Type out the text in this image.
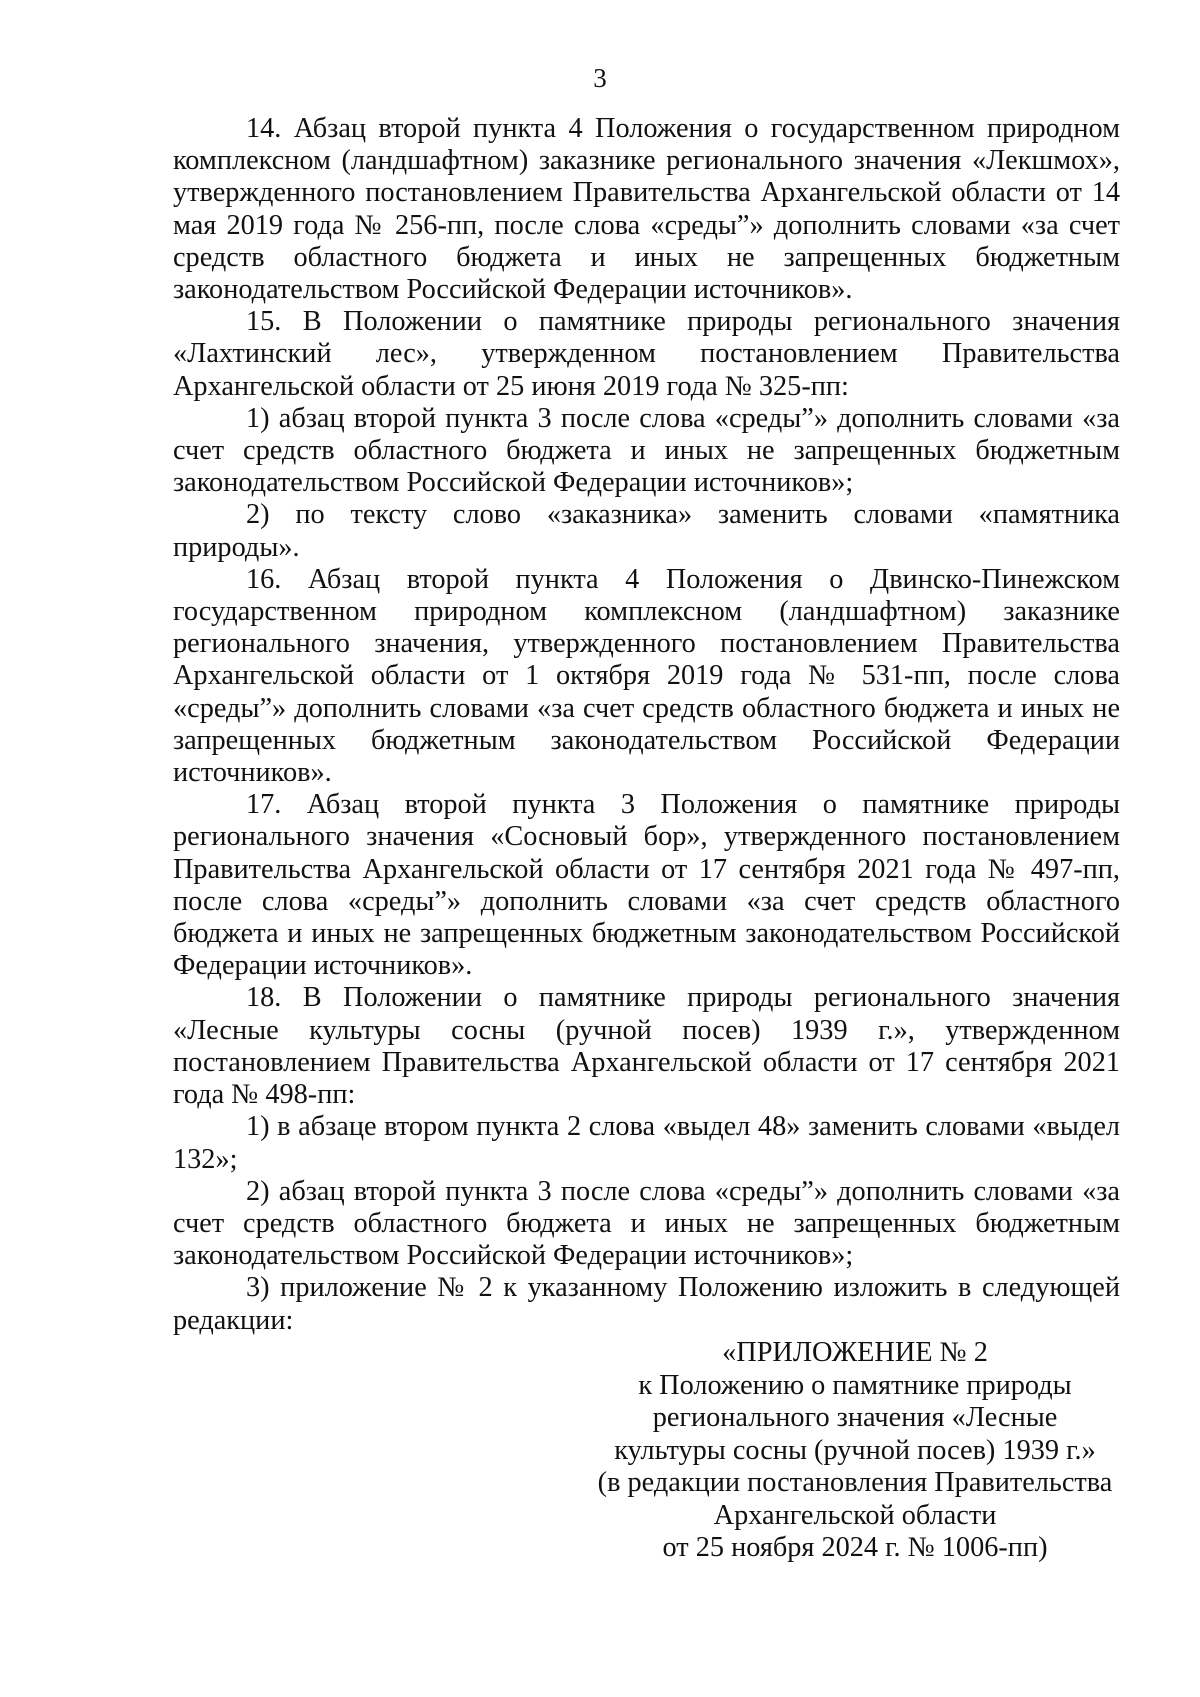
3

14. Абзац второй пункта 4 Положения о государственном природном комплексном (ландшафтном) заказнике регионального значения «Лекшмох», утвержденного постановлением Правительства Архангельской области от 14 мая 2019 года № 256-пп, после слова «среды”» дополнить словами «за счет средств областного бюджета и иных не запрещенных бюджетным законодательством Российской Федерации источников».

15. В Положении о памятнике природы регионального значения «Лахтинский лес», утвержденном постановлением Правительства Архангельской области от 25 июня 2019 года № 325-пп:

1) абзац второй пункта 3 после слова «среды”» дополнить словами «за счет средств областного бюджета и иных не запрещенных бюджетным законодательством Российской Федерации источников»;

2) по тексту слово «заказника» заменить словами «памятника природы».

16. Абзац второй пункта 4 Положения о Двинско-Пинежском государственном природном комплексном (ландшафтном) заказнике регионального значения, утвержденного постановлением Правительства Архангельской области от 1 октября 2019 года № 531-пп, после слова «среды”» дополнить словами «за счет средств областного бюджета и иных не запрещенных бюджетным законодательством Российской Федерации источников».

17. Абзац второй пункта 3 Положения о памятнике природы регионального значения «Сосновый бор», утвержденного постановлением Правительства Архангельской области от 17 сентября 2021 года № 497-пп, после слова «среды”» дополнить словами «за счет средств областного бюджета и иных не запрещенных бюджетным законодательством Российской Федерации источников».

18. В Положении о памятнике природы регионального значения «Лесные культуры сосны (ручной посев) 1939 г.», утвержденном постановлением Правительства Архангельской области от 17 сентября 2021 года № 498-пп:

1) в абзаце втором пункта 2 слова «выдел 48» заменить словами «выдел 132»;

2) абзац второй пункта 3 после слова «среды”» дополнить словами «за счет средств областного бюджета и иных не запрещенных бюджетным законодательством Российской Федерации источников»;

3) приложение № 2 к указанному Положению изложить в следующей редакции:

«ПРИЛОЖЕНИЕ № 2
к Положению о памятнике природы
регионального значения «Лесные
культуры сосны (ручной посев) 1939 г.»
(в редакции постановления Правительства
Архангельской области
от 25 ноября 2024 г. № 1006-пп)
